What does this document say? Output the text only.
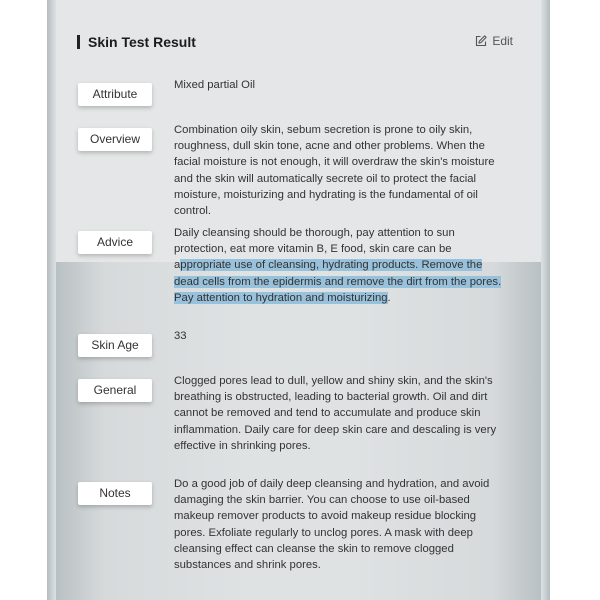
Skin Test Result	Edit
Attribute
Mixed partial Oil
Overview
Combination oily skin, sebum secretion is prone to oily skin, roughness, dull skin tone, acne and other problems. When the facial moisture is not enough, it will overdraw the skin's moisture and the skin will automatically secrete oil to protect the facial moisture, moisturizing and hydrating is the fundamental of oil control.
Advice
Daily cleansing should be thorough, pay attention to sun protection, eat more vitamin B, E food, skin care can be appropriate use of cleansing, hydrating products. Remove the dead cells from the epidermis and remove the dirt from the pores. Pay attention to hydration and moisturizing.
Skin Age
33
General
Clogged pores lead to dull, yellow and shiny skin, and the skin's breathing is obstructed, leading to bacterial growth. Oil and dirt cannot be removed and tend to accumulate and produce skin inflammation. Daily care for deep skin care and descaling is very effective in shrinking pores.
Notes
Do a good job of daily deep cleansing and hydration, and avoid damaging the skin barrier. You can choose to use oil-based makeup remover products to avoid makeup residue blocking pores. Exfoliate regularly to unclog pores. A mask with deep cleansing effect can cleanse the skin to remove clogged substances and shrink pores.
